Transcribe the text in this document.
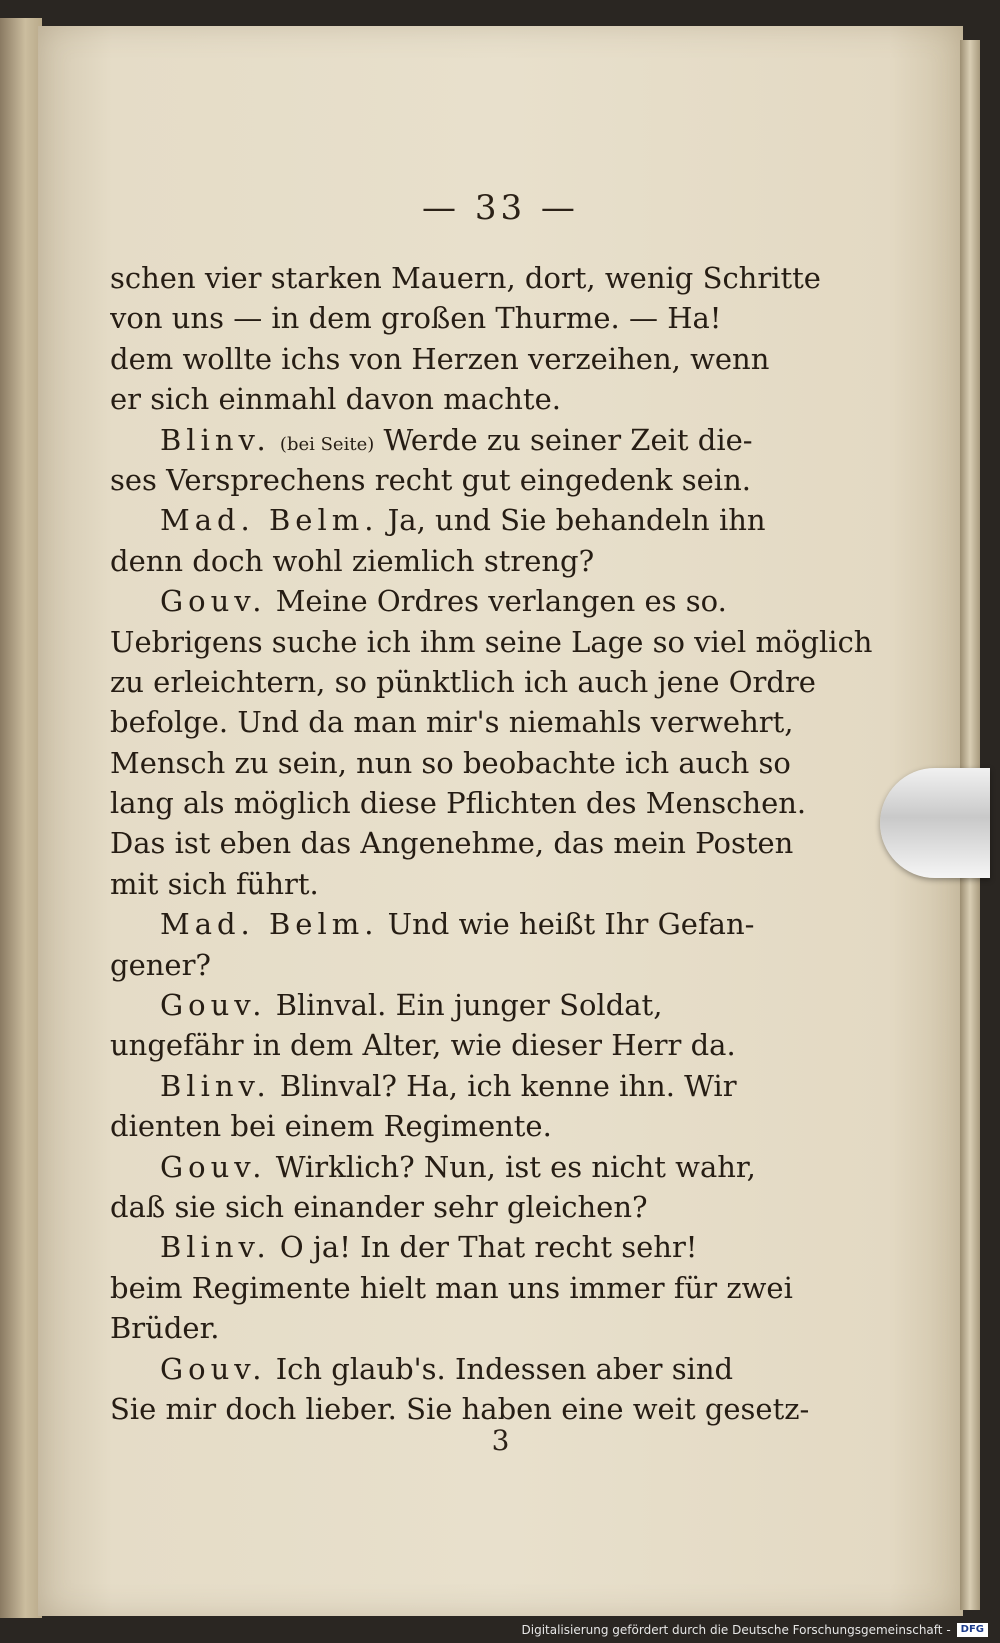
— 33 —
schen vier starken Mauern, dort, wenig Schritte
von uns — in dem großen Thurme. — Ha!
dem wollte ichs von Herzen verzeihen, wenn
er sich einmahl davon machte.
Blinv. (bei Seite) Werde zu seiner Zeit die-
ses Versprechens recht gut eingedenk sein.
Mad. Belm. Ja, und Sie behandeln ihn
denn doch wohl ziemlich streng?
Gouv. Meine Ordres verlangen es so.
Uebrigens suche ich ihm seine Lage so viel möglich
zu erleichtern, so pünktlich ich auch jene Ordre
befolge. Und da man mir's niemahls verwehrt,
Mensch zu sein, nun so beobachte ich auch so
lang als möglich diese Pflichten des Menschen.
Das ist eben das Angenehme, das mein Posten
mit sich führt.
Mad. Belm. Und wie heißt Ihr Gefan-
gener?
Gouv. Blinval. Ein junger Soldat,
ungefähr in dem Alter, wie dieser Herr da.
Blinv. Blinval? Ha, ich kenne ihn. Wir
dienten bei einem Regimente.
Gouv. Wirklich? Nun, ist es nicht wahr,
daß sie sich einander sehr gleichen?
Blinv. O ja! In der That recht sehr!
beim Regimente hielt man uns immer für zwei
Brüder.
Gouv. Ich glaub's. Indessen aber sind
Sie mir doch lieber. Sie haben eine weit gesetz-
3
Digitalisierung gefördert durch die Deutsche Forschungsgemeinschaft -	DFG
